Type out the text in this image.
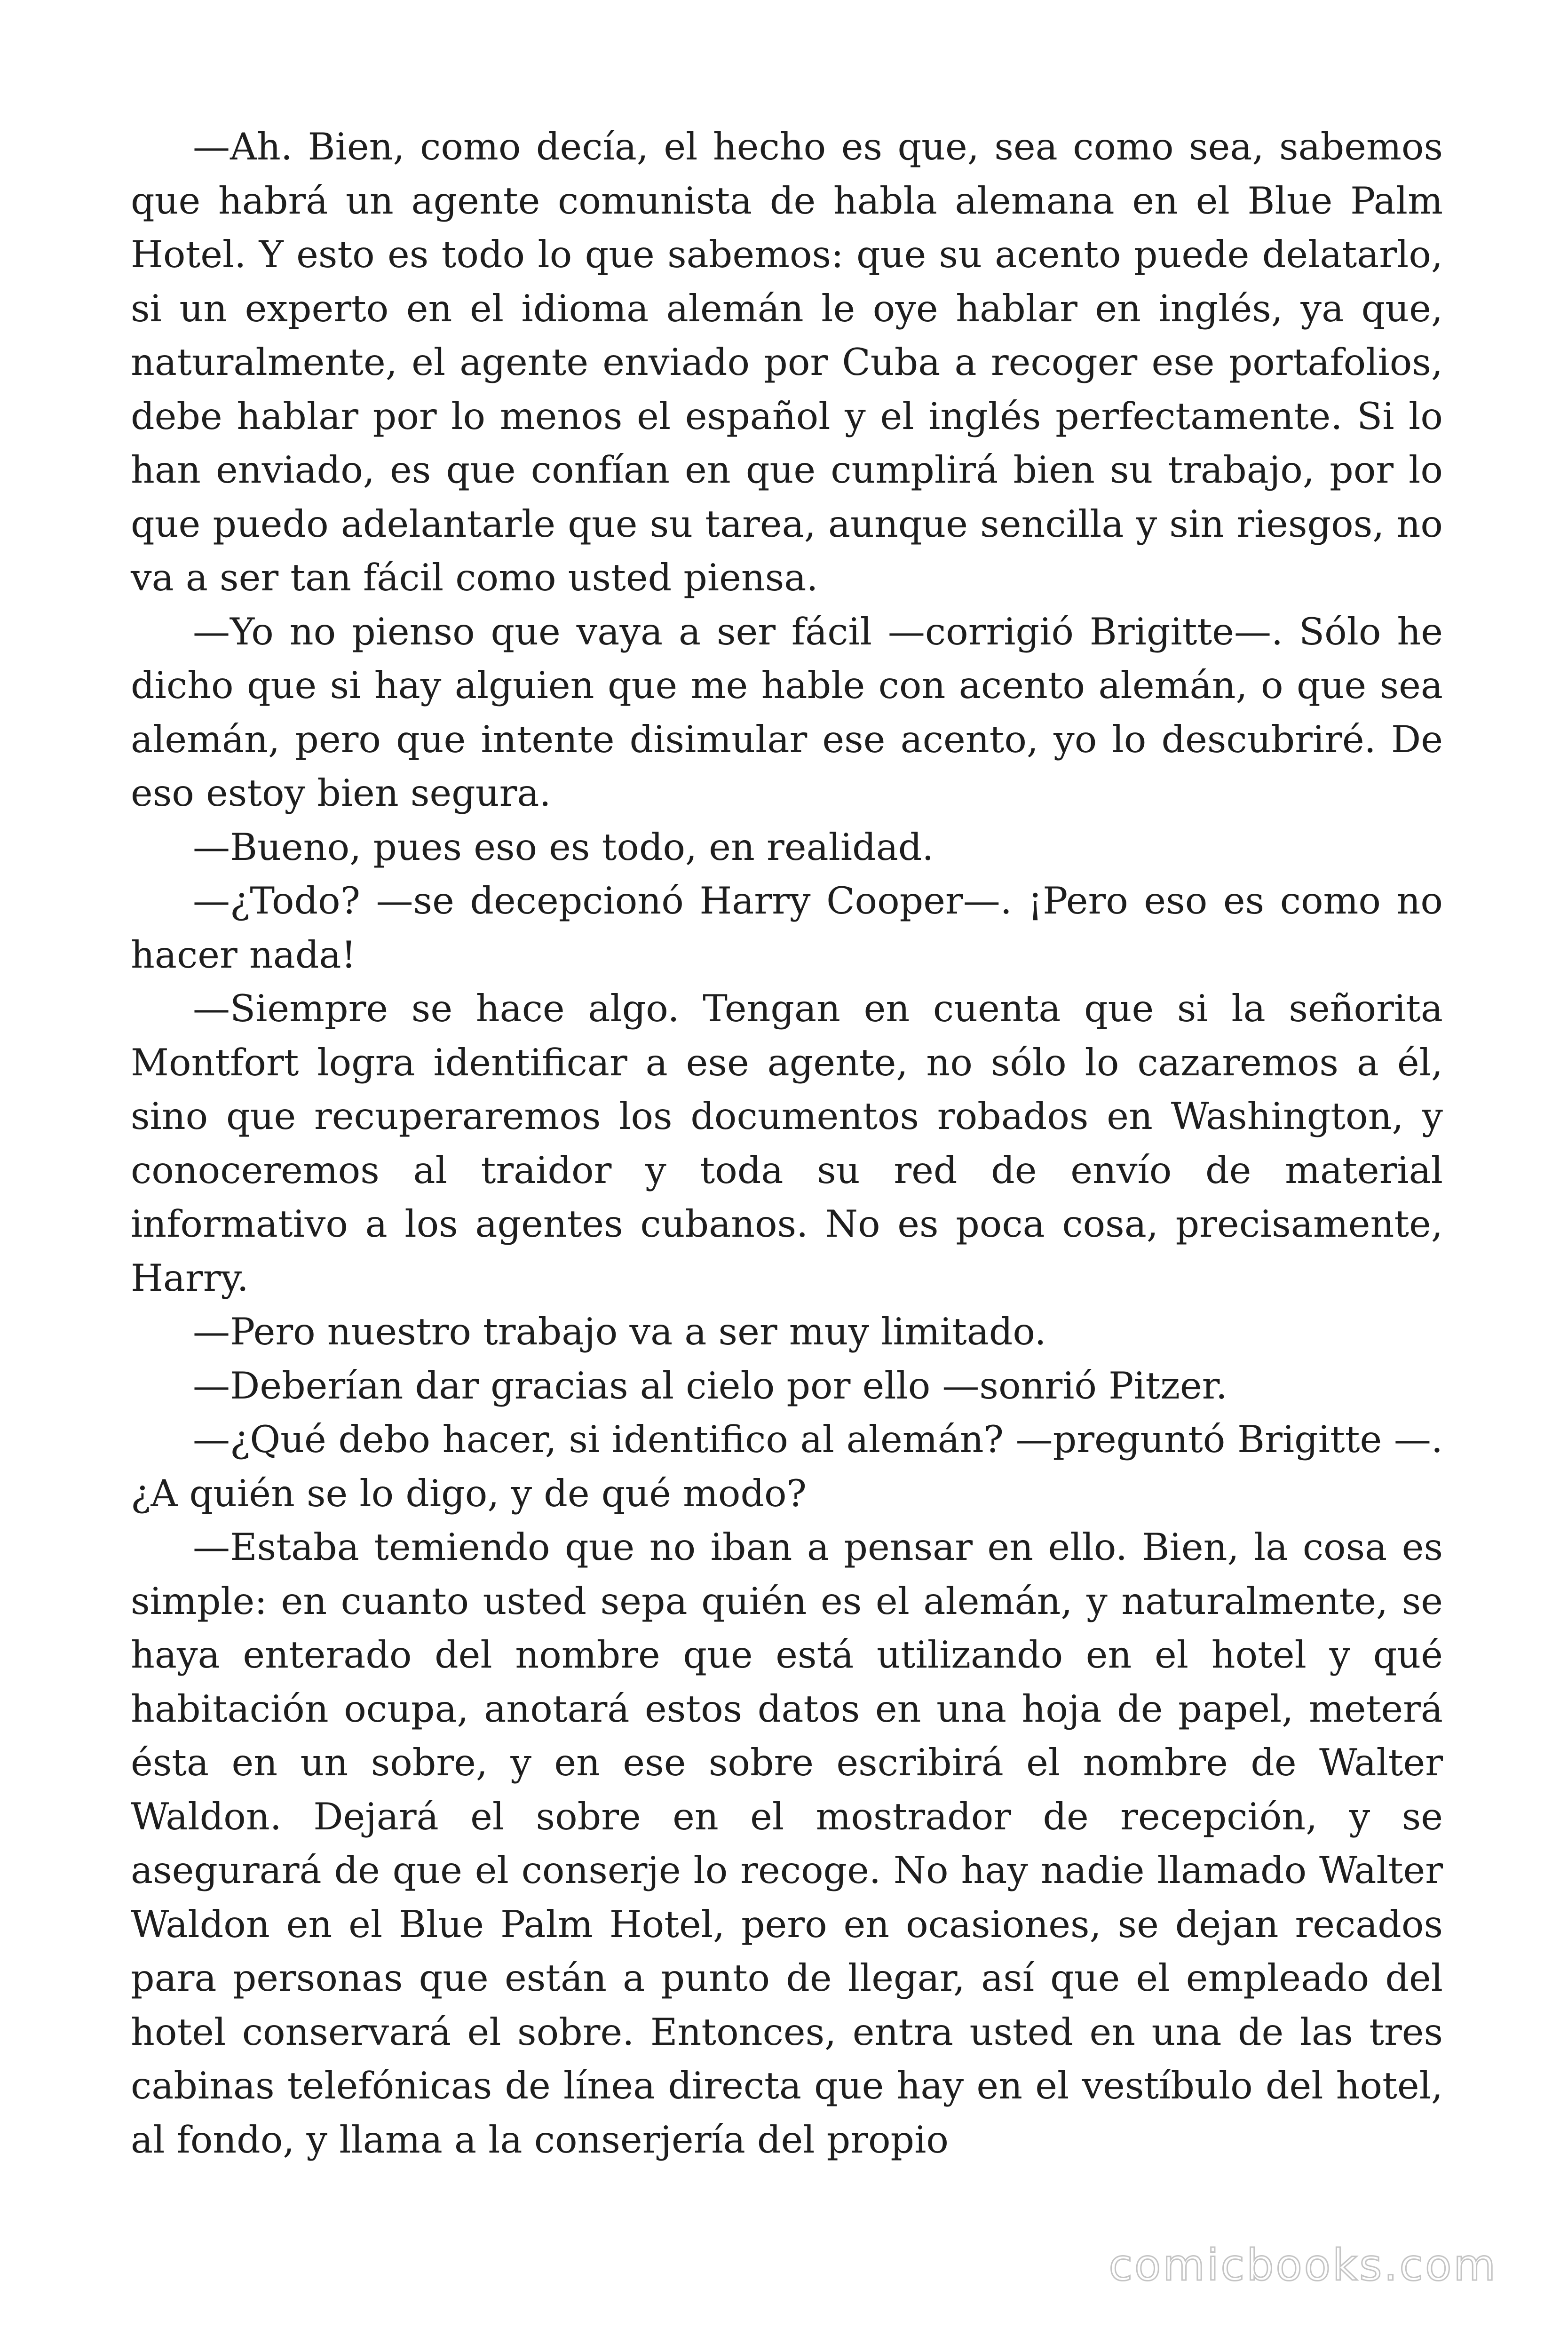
—Ah. Bien, como decía, el hecho es que, sea como sea, sabemos que habrá un agente comunista de habla alemana en el Blue Palm Hotel. Y esto es todo lo que sabemos: que su acento puede delatarlo, si un experto en el idioma alemán le oye hablar en inglés, ya que, naturalmente, el agente enviado por Cuba a recoger ese portafolios, debe hablar por lo menos el español y el inglés perfectamente. Si lo han enviado, es que confían en que cumplirá bien su trabajo, por lo que puedo adelantarle que su tarea, aunque sencilla y sin riesgos, no va a ser tan fácil como usted piensa.

—Yo no pienso que vaya a ser fácil —corrigió Brigitte—. Sólo he dicho que si hay alguien que me hable con acento alemán, o que sea alemán, pero que intente disimular ese acento, yo lo descubriré. De eso estoy bien segura.

—Bueno, pues eso es todo, en realidad.

—¿Todo? —se decepcionó Harry Cooper—. ¡Pero eso es como no hacer nada!

—Siempre se hace algo. Tengan en cuenta que si la señorita Montfort logra identificar a ese agente, no sólo lo cazaremos a él, sino que recuperaremos los documentos robados en Washington, y conoceremos al traidor y toda su red de envío de material informativo a los agentes cubanos. No es poca cosa, precisamente, Harry.

—Pero nuestro trabajo va a ser muy limitado.

—Deberían dar gracias al cielo por ello —sonrió Pitzer.

—¿Qué debo hacer, si identifico al alemán? —preguntó Brigitte —. ¿A quién se lo digo, y de qué modo?

—Estaba temiendo que no iban a pensar en ello. Bien, la cosa es simple: en cuanto usted sepa quién es el alemán, y naturalmente, se haya enterado del nombre que está utilizando en el hotel y qué habitación ocupa, anotará estos datos en una hoja de papel, meterá ésta en un sobre, y en ese sobre escribirá el nombre de Walter Waldon. Dejará el sobre en el mostrador de recepción, y se asegurará de que el conserje lo recoge. No hay nadie llamado Walter Waldon en el Blue Palm Hotel, pero en ocasiones, se dejan recados para personas que están a punto de llegar, así que el empleado del hotel conservará el sobre. Entonces, entra usted en una de las tres cabinas telefónicas de línea directa que hay en el vestíbulo del hotel, al fondo, y llama a la conserjería del propio

comicbooks.com
